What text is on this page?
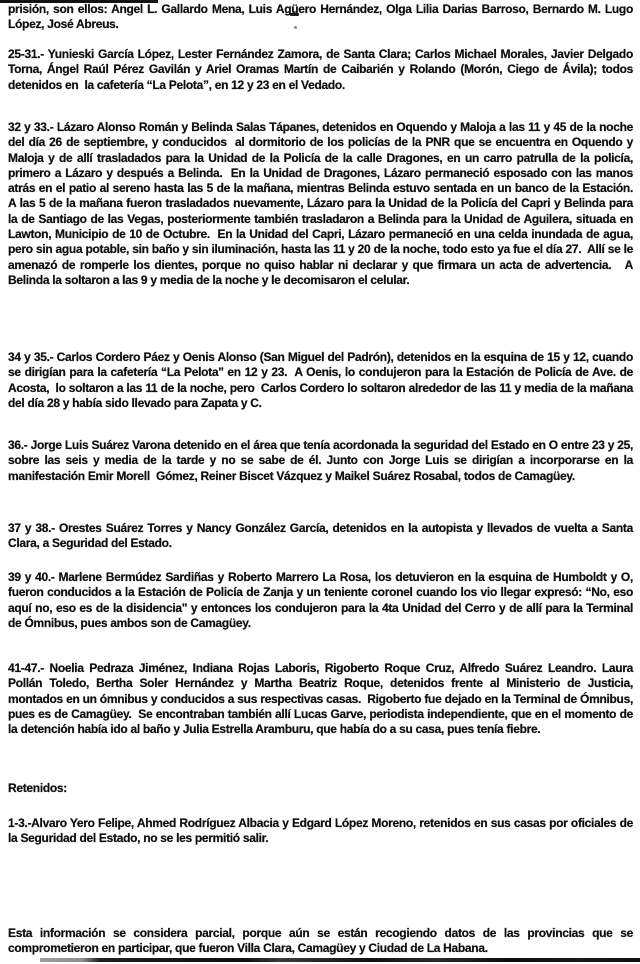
prisión, son ellos: Angel L. Gallardo Mena, Luis Agüero Hernández, Olga Lilia Darias Barroso, Bernardo M. Lugo López, José Abreus.

25-31.- Yunieski García López, Lester Fernández Zamora, de Santa Clara; Carlos Michael Morales, Javier Delgado Torna, Ángel Raúl Pérez Gavilán y Ariel Oramas Martín de Caibarién y Rolando (Morón, Ciego de Ávila); todos detenidos en  la cafetería “La Pelota”, en 12 y 23 en el Vedado.

32 y 33.- Lázaro Alonso Román y Belinda Salas Tápanes, detenidos en Oquendo y Maloja a las 11 y 45 de la noche del día 26 de septiembre, y conducidos  al dormitorio de los policías de la PNR que se encuentra en Oquendo y Maloja y de allí trasladados para la Unidad de la Policía de la calle Dragones, en un carro patrulla de la policía, primero a Lázaro y después a Belinda.  En la Unidad de Dragones, Lázaro permaneció esposado con las manos atrás en el patio al sereno hasta las 5 de la mañana, mientras Belinda estuvo sentada en un banco de la Estación.  A las 5 de la mañana fueron trasladados nuevamente, Lázaro para la Unidad de la Policía del Capri y Belinda para la de Santiago de las Vegas, posteriormente también trasladaron a Belinda para la Unidad de Aguilera, situada en Lawton, Municipio de 10 de Octubre.  En la Unidad del Capri, Lázaro permaneció en una celda inundada de agua, pero sin agua potable, sin baño y sin iluminación, hasta las 11 y 20 de la noche, todo esto ya fue el día 27.  Allí se le amenazó de romperle los dientes, porque no quiso hablar ni declarar y que firmara un acta de advertencia.   A Belinda la soltaron a las 9 y media de la noche y le decomisaron el celular.

34 y 35.- Carlos Cordero Páez y Oenis Alonso (San Miguel del Padrón), detenidos en la esquina de 15 y 12, cuando se dirigían para la cafetería “La Pelota" en 12 y 23.  A Oenis, lo condujeron para la Estación de Policía de Ave. de Acosta,  lo soltaron a las 11 de la noche, pero  Carlos Cordero lo soltaron alrededor de las 11 y media de la mañana del día 28 y había sido llevado para Zapata y C.

36.- Jorge Luis Suárez Varona detenido en el área que tenía acordonada la seguridad del Estado en O entre 23 y 25, sobre las seis y media de la tarde y no se sabe de él. Junto con Jorge Luis se dirigían a incorporarse en la manifestación Emir Morell  Gómez, Reiner Biscet Vázquez y Maikel Suárez Rosabal, todos de Camagüey.

37 y 38.- Orestes Suárez Torres y Nancy González García, detenidos en la autopista y llevados de vuelta a Santa Clara, a Seguridad del Estado.

39 y 40.- Marlene Bermúdez Sardiñas y Roberto Marrero La Rosa, los detuvieron en la esquina de Humboldt y O, fueron conducidos a la Estación de Policía de Zanja y un teniente coronel cuando los vio llegar expresó: “No, eso aquí no, eso es de la disidencia" y entonces los condujeron para la 4ta Unidad del Cerro y de allí para la Terminal de Ómnibus, pues ambos son de Camagüey.

41-47.- Noelia Pedraza Jiménez, Indiana Rojas Laboris, Rigoberto Roque Cruz, Alfredo Suárez Leandro. Laura Pollán Toledo, Bertha Soler Hernández y Martha Beatriz Roque, detenidos frente al Ministerio de Justicia, montados en un ómnibus y conducidos a sus respectivas casas.  Rigoberto fue dejado en la Terminal de Ómnibus, pues es de Camagüey.  Se encontraban también allí Lucas Garve, periodista independiente, que en el momento de la detención había ido al baño y Julia Estrella Aramburu, que había do a su casa, pues tenía fiebre.

Retenidos:

1-3.-Alvaro Yero Felipe, Ahmed Rodríguez Albacia y Edgard López Moreno, retenidos en sus casas por oficiales de la Seguridad del Estado, no se les permitió salir.

Esta información se considera parcial, porque aún se están recogiendo datos de las provincias que se comprometieron en participar, que fueron Villa Clara, Camagüey y Ciudad de La Habana.
